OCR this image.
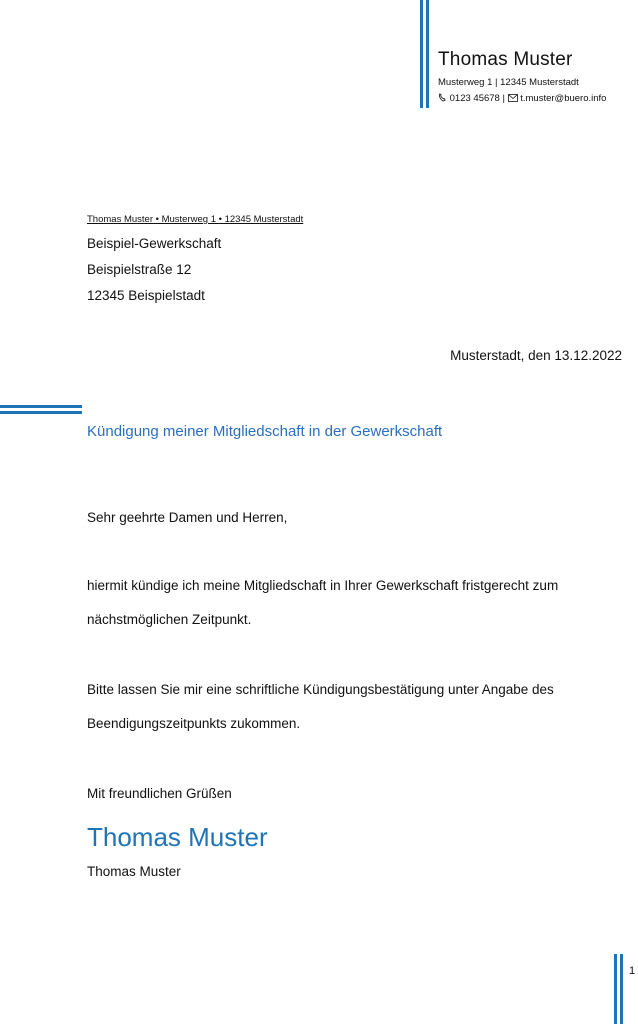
Thomas Muster
Musterweg 1 | 12345 Musterstadt
0123 45678 | t.muster@buero.info
Thomas Muster • Musterweg 1 • 12345 Musterstadt
Beispiel-Gewerkschaft
Beispielstraße 12
12345 Beispielstadt
Musterstadt, den 13.12.2022
Kündigung meiner Mitgliedschaft in der Gewerkschaft
Sehr geehrte Damen und Herren,
hiermit kündige ich meine Mitgliedschaft in Ihrer Gewerkschaft fristgerecht zum
nächstmöglichen Zeitpunkt.
Bitte lassen Sie mir eine schriftliche Kündigungsbestätigung unter Angabe des
Beendigungszeitpunkts zukommen.
Mit freundlichen Grüßen
Thomas Muster
Thomas Muster
1
